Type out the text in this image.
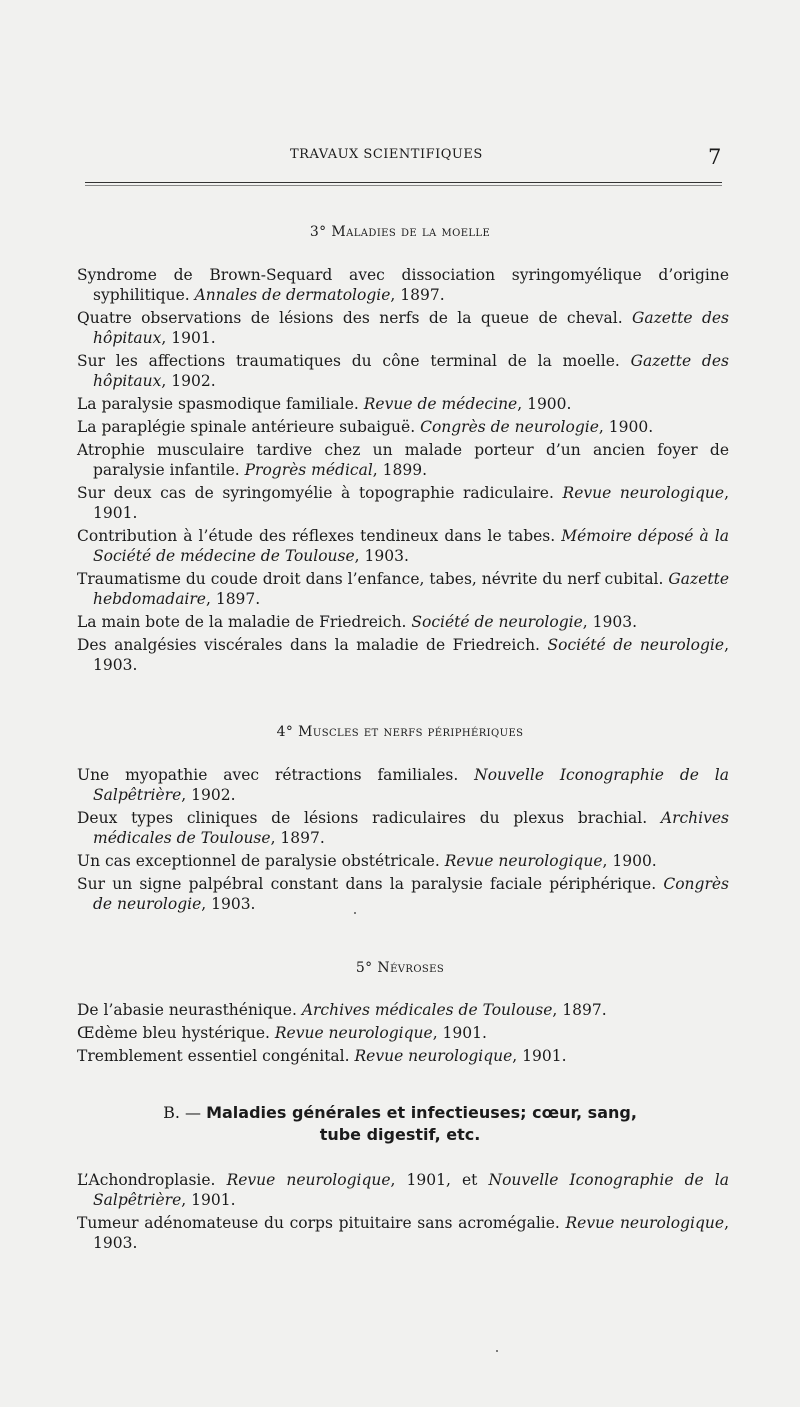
TRAVAUX SCIENTIFIQUES	7
3° Maladies de la moelle

Syndrome de Brown-Sequard avec dissociation syringomyélique d’origine syphilitique. Annales de dermatologie, 1897.

Quatre observations de lésions des nerfs de la queue de cheval. Gazette des hôpitaux, 1901.

Sur les affections traumatiques du cône terminal de la moelle. Gazette des hôpitaux, 1902.

La paralysie spasmodique familiale. Revue de médecine, 1900.

La paraplégie spinale antérieure subaiguë. Congrès de neurologie, 1900.

Atrophie musculaire tardive chez un malade porteur d’un ancien foyer de paralysie infantile. Progrès médical, 1899.

Sur deux cas de syringomyélie à topographie radiculaire. Revue neurologique, 1901.

Contribution à l’étude des réflexes tendineux dans le tabes. Mémoire déposé à la Société de médecine de Toulouse, 1903.

Traumatisme du coude droit dans l’enfance, tabes, névrite du nerf cubital. Gazette hebdomadaire, 1897.

La main bote de la maladie de Friedreich. Société de neurologie, 1903.

Des analgésies viscérales dans la maladie de Friedreich. Société de neurologie, 1903.

4° Muscles et nerfs périphériques

Une myopathie avec rétractions familiales. Nouvelle Iconographie de la Salpêtrière, 1902.

Deux types cliniques de lésions radiculaires du plexus brachial. Archives médicales de Toulouse, 1897.

Un cas exceptionnel de paralysie obstétricale. Revue neurologique, 1900.

Sur un signe palpébral constant dans la paralysie faciale périphérique. Congrès de neurologie, 1903.

5° Névroses

De l’abasie neurasthénique. Archives médicales de Toulouse, 1897.

Œdème bleu hystérique. Revue neurologique, 1901.

Tremblement essentiel congénital. Revue neurologique, 1901.

B. — Maladies générales et infectieuses; cœur, sang,
tube digestif, etc.

L’Achondroplasie. Revue neurologique, 1901, et Nouvelle Iconographie de la Salpêtrière, 1901.

Tumeur adénomateuse du corps pituitaire sans acromégalie. Revue neurologique, 1903.
